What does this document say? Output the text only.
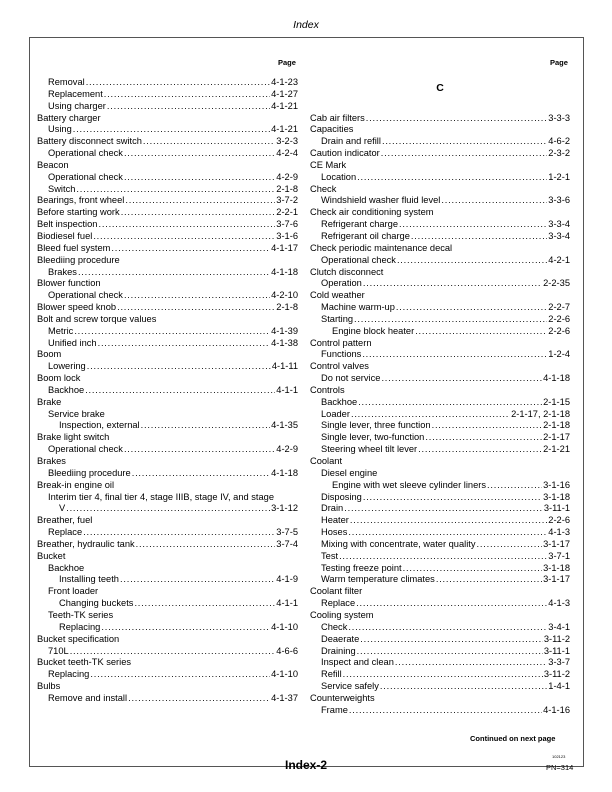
Index
Page	Page
Removal . . .	4-1-23
Replacement . . .	4-1-27
Using charger . . .	4-1-21
Battery charger
Using . . .	4-1-21
Battery disconnect switch . . .	3-2-3
Operational check . . .	4-2-4
Beacon
Operational check . . .	4-2-9
Switch . . .	2-1-8
Bearings, front wheel . . .	3-7-2
Before starting work . . .	2-2-1
Belt inspection . . .	3-7-6
Biodiesel fuel . . .	3-1-6
Bleed fuel system . . .	4-1-17
Bleediing procedure
Brakes . . .	4-1-18
Blower function
Operational check . . .	4-2-10
Blower speed knob . . .	2-1-8
Bolt and screw torque values
Metric . . .	4-1-39
Unified inch . . .	4-1-38
Boom
Lowering . . .	4-1-11
Boom lock
Backhoe . . .	4-1-1
Brake
Service brake
Inspection, external . . .	4-1-35
Brake light switch
Operational check . . .	4-2-9
Brakes
Bleediing procedure . . .	4-1-18
Break-in engine oil
Interim tier 4, final tier 4, stage IIIB, stage IV, and stage
V . . .	3-1-12
Breather, fuel
Replace . . .	3-7-5
Breather, hydraulic tank . . .	3-7-4
Bucket
Backhoe
Installing teeth . . .	4-1-9
Front loader
Changing buckets . . .	4-1-1
Teeth-TK series
Replacing . . .	4-1-10
Bucket specification
710L . . .	4-6-6
Bucket teeth-TK series
Replacing . . .	4-1-10
Bulbs
Remove and install . . .	4-1-37
C
Cab air filters . . .	3-3-3
Capacities
Drain and refill . . .	4-6-2
Caution indicator . . .	2-3-2
CE Mark
Location . . .	1-2-1
Check
Windshield washer fluid level . . .	3-3-6
Check air conditioning system
Refrigerant charge . . .	3-3-4
Refrigerant oil charge . . .	3-3-4
Check periodic maintenance decal
Operational check . . .	4-2-1
Clutch disconnect
Operation . . .	2-2-35
Cold weather
Machine warm-up . . .	2-2-7
Starting . . .	2-2-6
Engine block heater . . .	2-2-6
Control pattern
Functions . . .	1-2-4
Control valves
Do not service . . .	4-1-18
Controls
Backhoe . . .	2-1-15
Loader . . .	2-1-17, 2-1-18
Single lever, three function . . .	2-1-18
Single lever, two-function . . .	2-1-17
Steering wheel tilt lever . . .	2-1-21
Coolant
Diesel engine
Engine with wet sleeve cylinder liners . . .	3-1-16
Disposing . . .	3-1-18
Drain . . .	3-11-1
Heater . . .	2-2-6
Hoses . . .	4-1-3
Mixing with concentrate, water quality . . .	3-1-17
Test . . .	3-7-1
Testing freeze point . . .	3-1-18
Warm temperature climates . . .	3-1-17
Coolant filter
Replace . . .	4-1-3
Cooling system
Check . . .	3-4-1
Deaerate . . .	3-11-2
Draining . . .	3-11-1
Inspect and clean . . .	3-3-7
Refill . . .	3-11-2
Service safely . . .	1-4-1
Counterweights
Frame . . .	4-1-16
Continued on next page
Index-2
102123
PN=314
